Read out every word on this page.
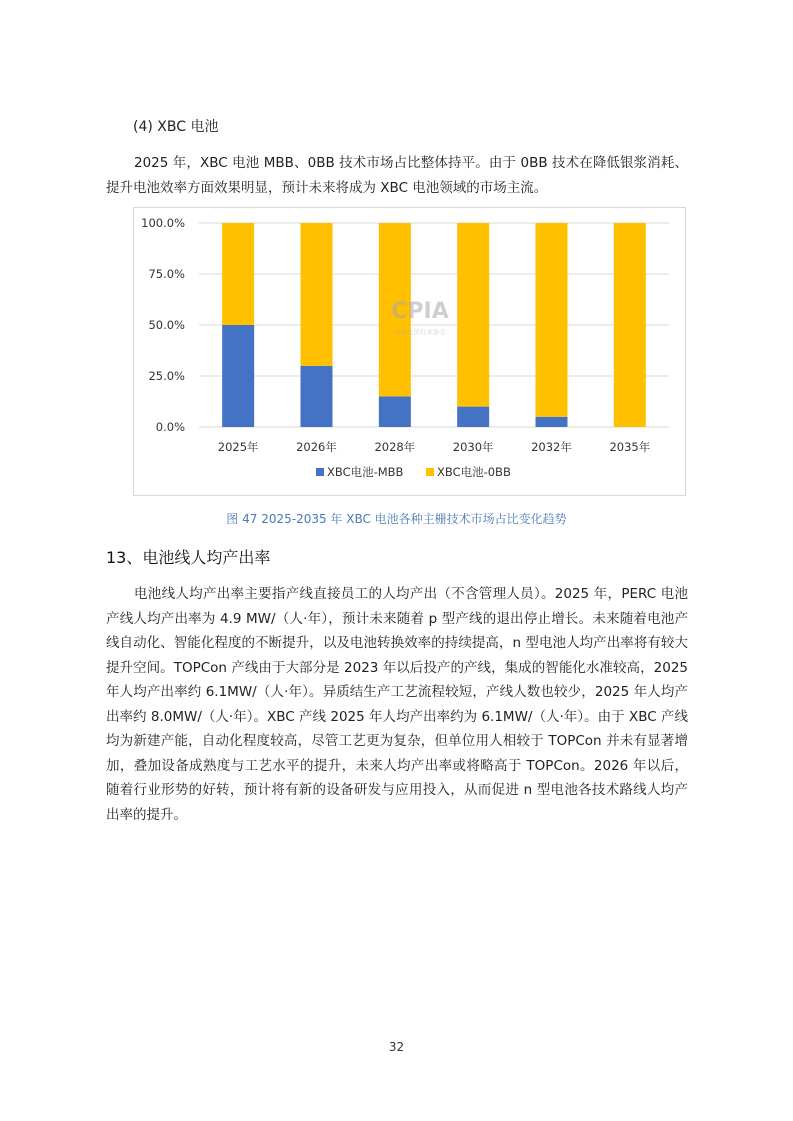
(4) XBC 电池
2025 年，XBC 电池 MBB、0BB 技术市场占比整体持平。由于 0BB 技术在降低银浆消耗、提升电池效率方面效果明显，预计未来将成为 XBC 电池领域的市场主流。
0.0%
25.0%
50.0%
75.0%
100.0%
2025年	2026年	2028年	2030年	2032年	2035年
XBC电池-MBB	XBC电池-0BB
CPIA
中国光伏行业协会
图 47 2025-2035 年 XBC 电池各种主栅技术市场占比变化趋势
13、电池线人均产出率
电池线人均产出率主要指产线直接员工的人均产出（不含管理人员）。2025 年，PERC 电池产线人均产出率为 4.9 MW/（人·年），预计未来随着 p 型产线的退出停止增长。未来随着电池产线自动化、智能化程度的不断提升，以及电池转换效率的持续提高，n 型电池人均产出率将有较大提升空间。TOPCon 产线由于大部分是 2023 年以后投产的产线，集成的智能化水准较高，2025 年人均产出率约 6.1MW/（人·年）。异质结生产工艺流程较短，产线人数也较少，2025 年人均产出率约 8.0MW/（人·年）。XBC 产线 2025 年人均产出率约为 6.1MW/（人·年）。由于 XBC 产线均为新建产能，自动化程度较高，尽管工艺更为复杂，但单位用人相较于 TOPCon 并未有显著增加，叠加设备成熟度与工艺水平的提升，未来人均产出率或将略高于 TOPCon。2026 年以后，随着行业形势的好转，预计将有新的设备研发与应用投入，从而促进 n 型电池各技术路线人均产出率的提升。
32
